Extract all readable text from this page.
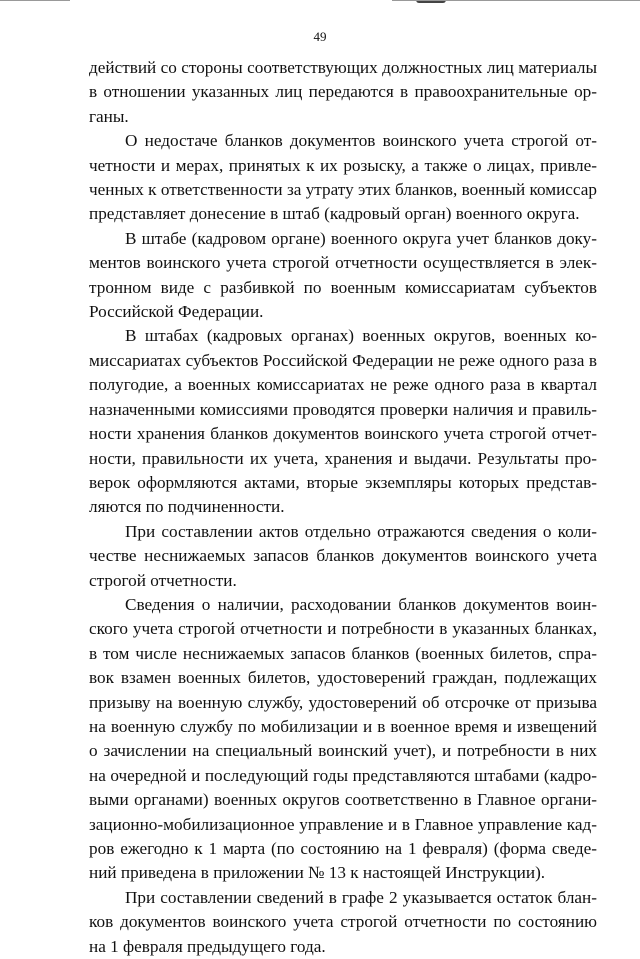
49

действий со стороны соответствующих должностных лиц материалы в отношении указанных лиц передаются в правоохранительные органы.

О недостаче бланков документов воинского учета строгой отчетности и мерах, принятых к их розыску, а также о лицах, привлеченных к ответственности за утрату этих бланков, военный комиссар представляет донесение в штаб (кадровый орган) военного округа.

В штабе (кадровом органе) военного округа учет бланков документов воинского учета строгой отчетности осуществляется в электронном виде с разбивкой по военным комиссариатам субъектов Российской Федерации.

В штабах (кадровых органах) военных округов, военных комиссариатах субъектов Российской Федерации не реже одного раза в полугодие, а военных комиссариатах не реже одного раза в квартал назначенными комиссиями проводятся проверки наличия и правильности хранения бланков документов воинского учета строгой отчетности, правильности их учета, хранения и выдачи. Результаты проверок оформляются актами, вторые экземпляры которых представляются по подчиненности.

При составлении актов отдельно отражаются сведения о количестве неснижаемых запасов бланков документов воинского учета строгой отчетности.

Сведения о наличии, расходовании бланков документов воинского учета строгой отчетности и потребности в указанных бланках, в том числе неснижаемых запасов бланков (военных билетов, справок взамен военных билетов, удостоверений граждан, подлежащих призыву на военную службу, удостоверений об отсрочке от призыва на военную службу по мобилизации и в военное время и извещений о зачислении на специальный воинский учет), и потребности в них на очередной и последующий годы представляются штабами (кадровыми органами) военных округов соответственно в Главное организационно-мобилизационное управление и в Главное управление кадров ежегодно к 1 марта (по состоянию на 1 февраля) (форма сведений приведена в приложении № 13 к настоящей Инструкции).

При составлении сведений в графе 2 указывается остаток бланков документов воинского учета строгой отчетности по состоянию на 1 февраля предыдущего года.
